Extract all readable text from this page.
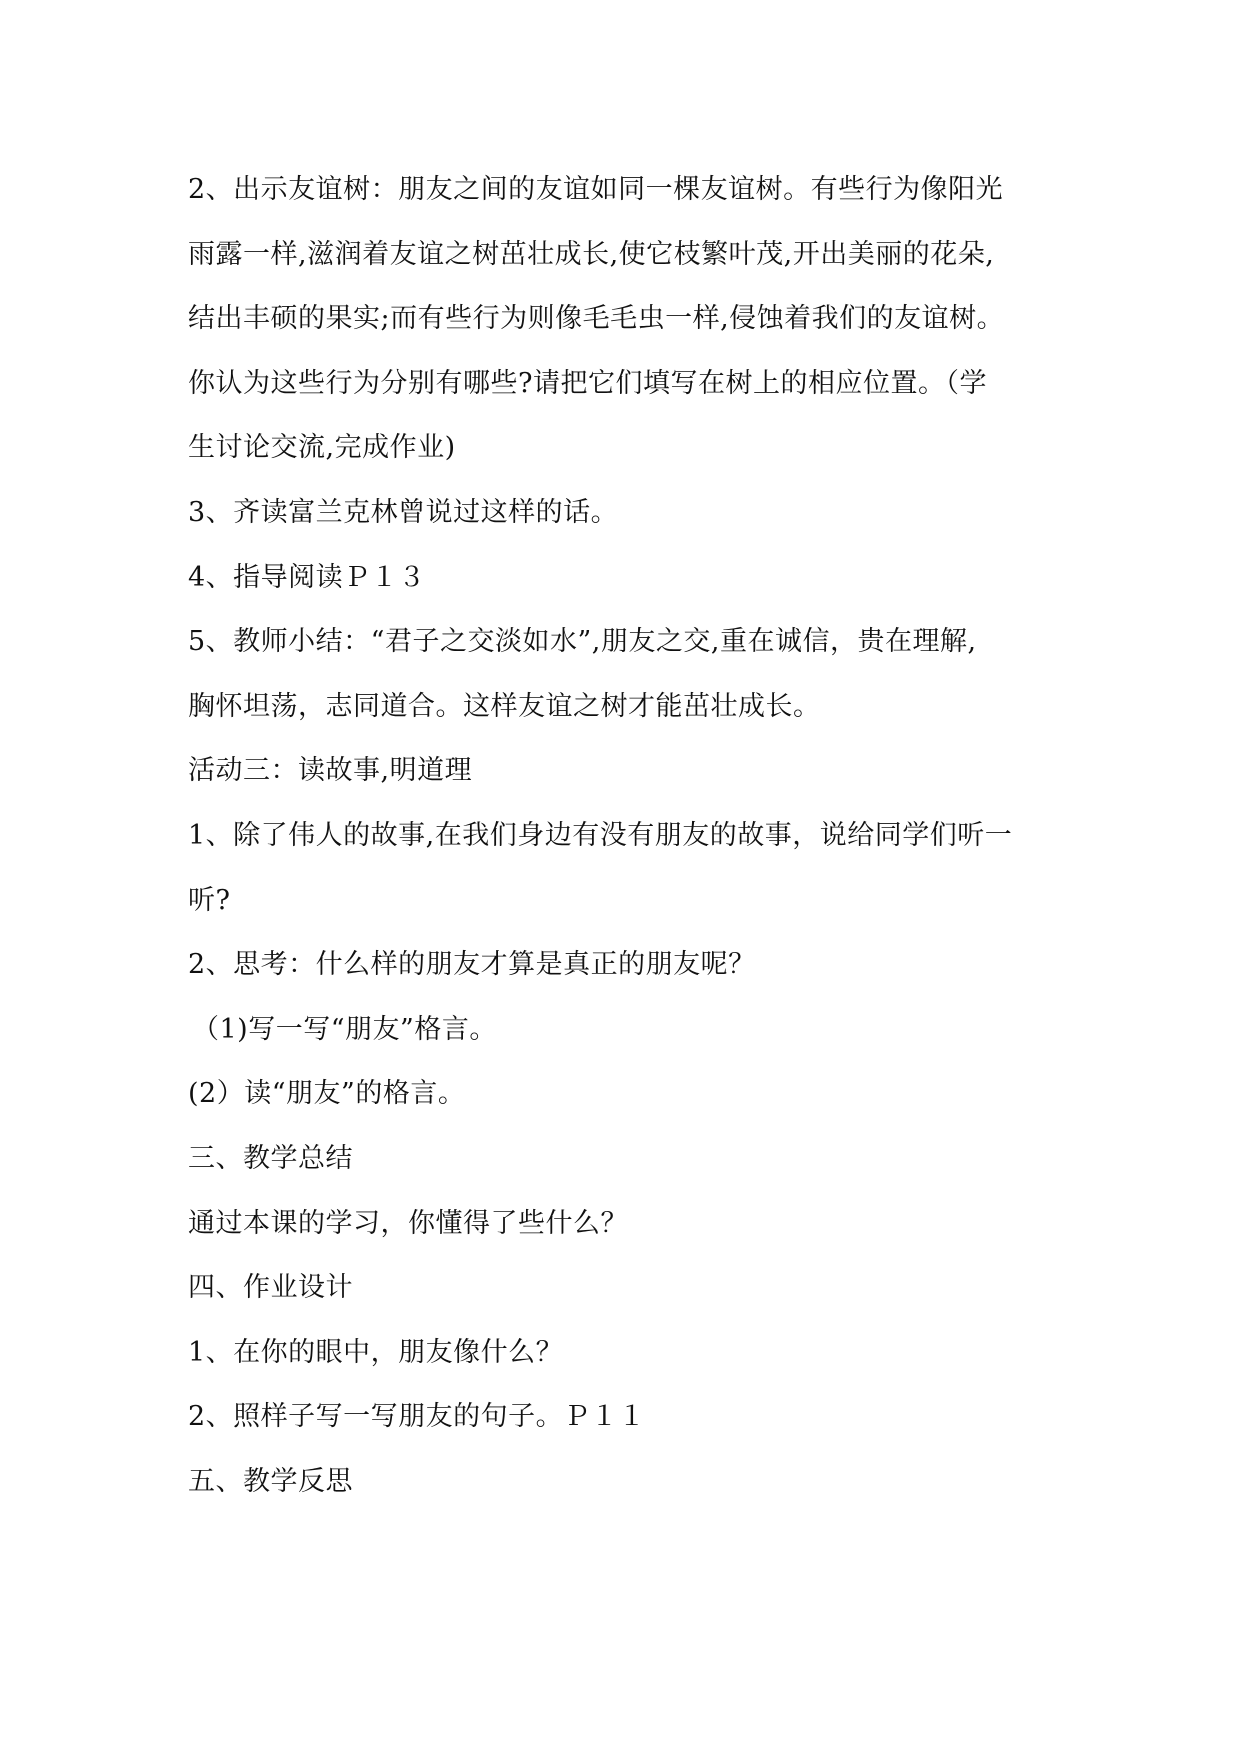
2、出示友谊树：朋友之间的友谊如同一棵友谊树。有些行为像阳光
雨露一样,滋润着友谊之树茁壮成长,使它枝繁叶茂,开出美丽的花朵,
结出丰硕的果实;而有些行为则像毛毛虫一样,侵蚀着我们的友谊树。
你认为这些行为分别有哪些?请把它们填写在树上的相应位置。（学
生讨论交流,完成作业)
3、齐读富兰克林曾说过这样的话。
4、指导阅读Ｐ１３
5、教师小结：“君子之交淡如水”,朋友之交,重在诚信，贵在理解,
胸怀坦荡，志同道合。这样友谊之树才能茁壮成长。
活动三：读故事,明道理
1、除了伟人的故事,在我们身边有没有朋友的故事，说给同学们听一
听?
2、思考：什么样的朋友才算是真正的朋友呢？
（1)写一写“朋友”格言。
(2）读“朋友”的格言。
三、教学总结
通过本课的学习，你懂得了些什么？
四、作业设计
1、在你的眼中，朋友像什么？
2、照样子写一写朋友的句子。Ｐ１１
五、教学反思
